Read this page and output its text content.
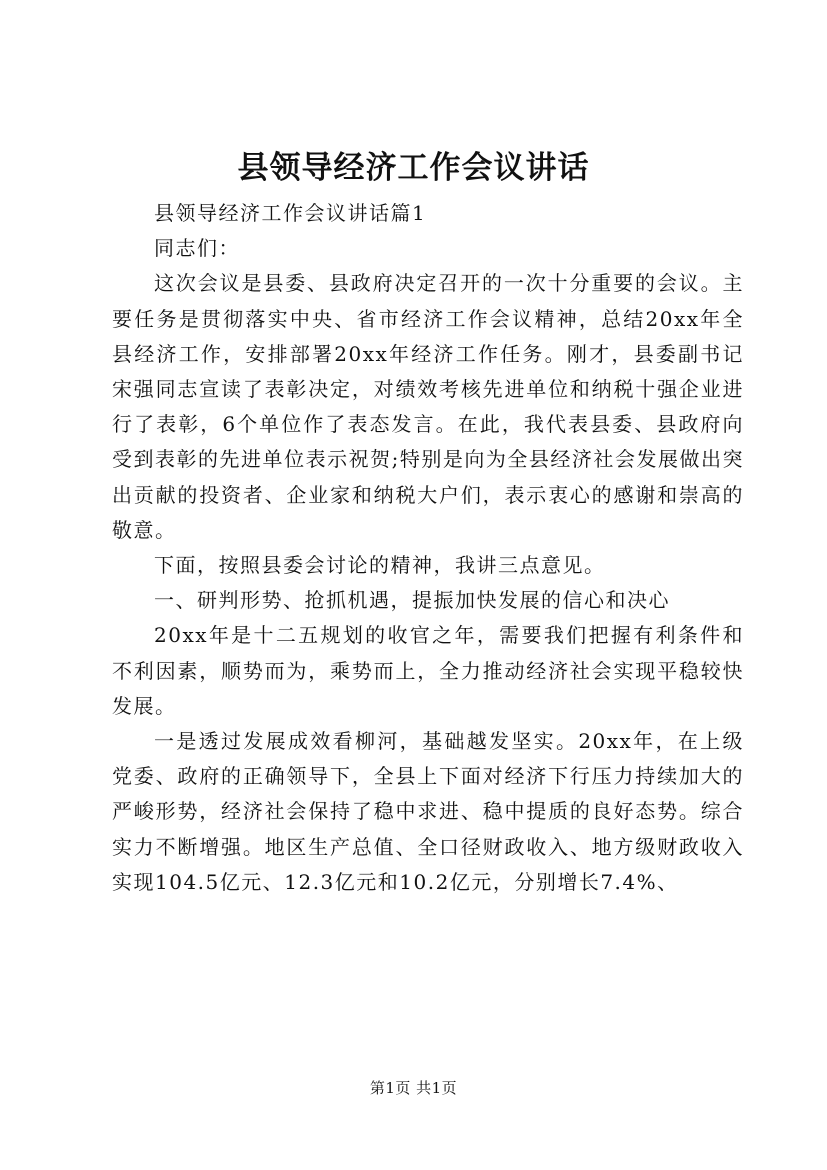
县领导经济工作会议讲话

县领导经济工作会议讲话篇1

同志们：

这次会议是县委、县政府决定召开的一次十分重要的会议。主要任务是贯彻落实中央、省市经济工作会议精神，总结20xx年全县经济工作，安排部署20xx年经济工作任务。刚才，县委副书记宋强同志宣读了表彰决定，对绩效考核先进单位和纳税十强企业进行了表彰，6个单位作了表态发言。在此，我代表县委、县政府向受到表彰的先进单位表示祝贺;特别是向为全县经济社会发展做出突出贡献的投资者、企业家和纳税大户们，表示衷心的感谢和崇高的敬意。

下面，按照县委会讨论的精神，我讲三点意见。

一、研判形势、抢抓机遇，提振加快发展的信心和决心

20xx年是十二五规划的收官之年，需要我们把握有利条件和不利因素，顺势而为，乘势而上，全力推动经济社会实现平稳较快发展。

一是透过发展成效看柳河，基础越发坚实。20xx年，在上级党委、政府的正确领导下，全县上下面对经济下行压力持续加大的严峻形势，经济社会保持了稳中求进、稳中提质的良好态势。综合实力不断增强。地区生产总值、全口径财政收入、地方级财政收入实现104.5亿元、12.3亿元和10.2亿元，分别增长7.4%、

第1页 共1页
